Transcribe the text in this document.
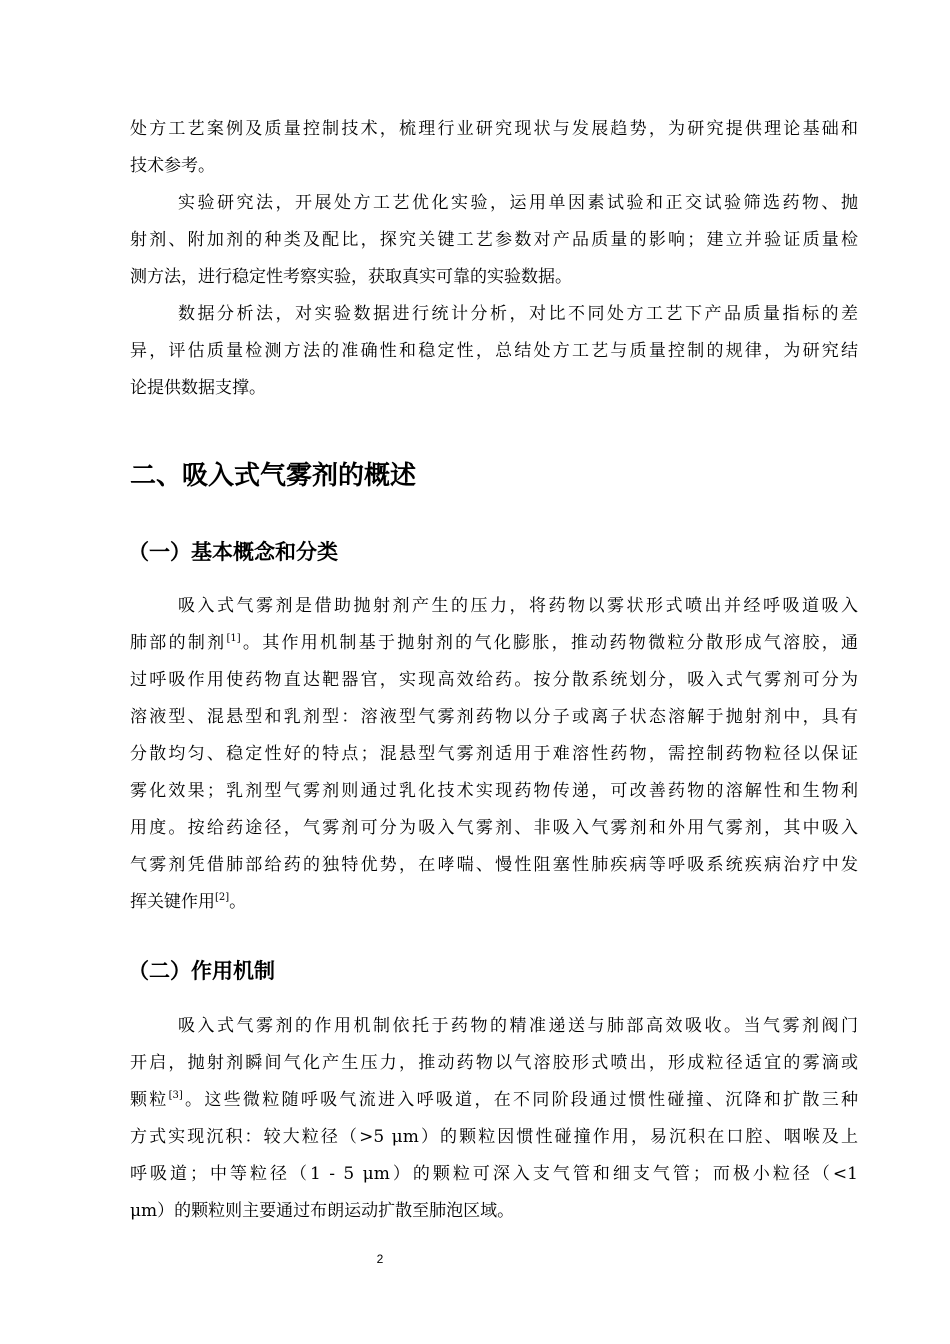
处方工艺案例及质量控制技术，梳理行业研究现状与发展趋势，为研究提供理论基础和
技术参考。
实验研究法，开展处方工艺优化实验，运用单因素试验和正交试验筛选药物、抛
射剂、附加剂的种类及配比，探究关键工艺参数对产品质量的影响；建立并验证质量检
测方法，进行稳定性考察实验，获取真实可靠的实验数据。
数据分析法，对实验数据进行统计分析，对比不同处方工艺下产品质量指标的差
异，评估质量检测方法的准确性和稳定性，总结处方工艺与质量控制的规律，为研究结
论提供数据支撑。
二、吸入式气雾剂的概述
（一）基本概念和分类
吸入式气雾剂是借助抛射剂产生的压力，将药物以雾状形式喷出并经呼吸道吸入
肺部的制剂[1]。其作用机制基于抛射剂的气化膨胀，推动药物微粒分散形成气溶胶，通
过呼吸作用使药物直达靶器官，实现高效给药。按分散系统划分，吸入式气雾剂可分为
溶液型、混悬型和乳剂型：溶液型气雾剂药物以分子或离子状态溶解于抛射剂中，具有
分散均匀、稳定性好的特点；混悬型气雾剂适用于难溶性药物，需控制药物粒径以保证
雾化效果；乳剂型气雾剂则通过乳化技术实现药物传递，可改善药物的溶解性和生物利
用度。按给药途径，气雾剂可分为吸入气雾剂、非吸入气雾剂和外用气雾剂，其中吸入
气雾剂凭借肺部给药的独特优势，在哮喘、慢性阻塞性肺疾病等呼吸系统疾病治疗中发
挥关键作用[2]。
（二）作用机制
吸入式气雾剂的作用机制依托于药物的精准递送与肺部高效吸收。当气雾剂阀门
开启，抛射剂瞬间气化产生压力，推动药物以气溶胶形式喷出，形成粒径适宜的雾滴或
颗粒[3]。这些微粒随呼吸气流进入呼吸道，在不同阶段通过惯性碰撞、沉降和扩散三种
方式实现沉积：较大粒径（>5 μm）的颗粒因惯性碰撞作用，易沉积在口腔、咽喉及上
呼吸道；中等粒径（1 - 5 μm）的颗粒可深入支气管和细支气管；而极小粒径（<1
μm）的颗粒则主要通过布朗运动扩散至肺泡区域。
2
